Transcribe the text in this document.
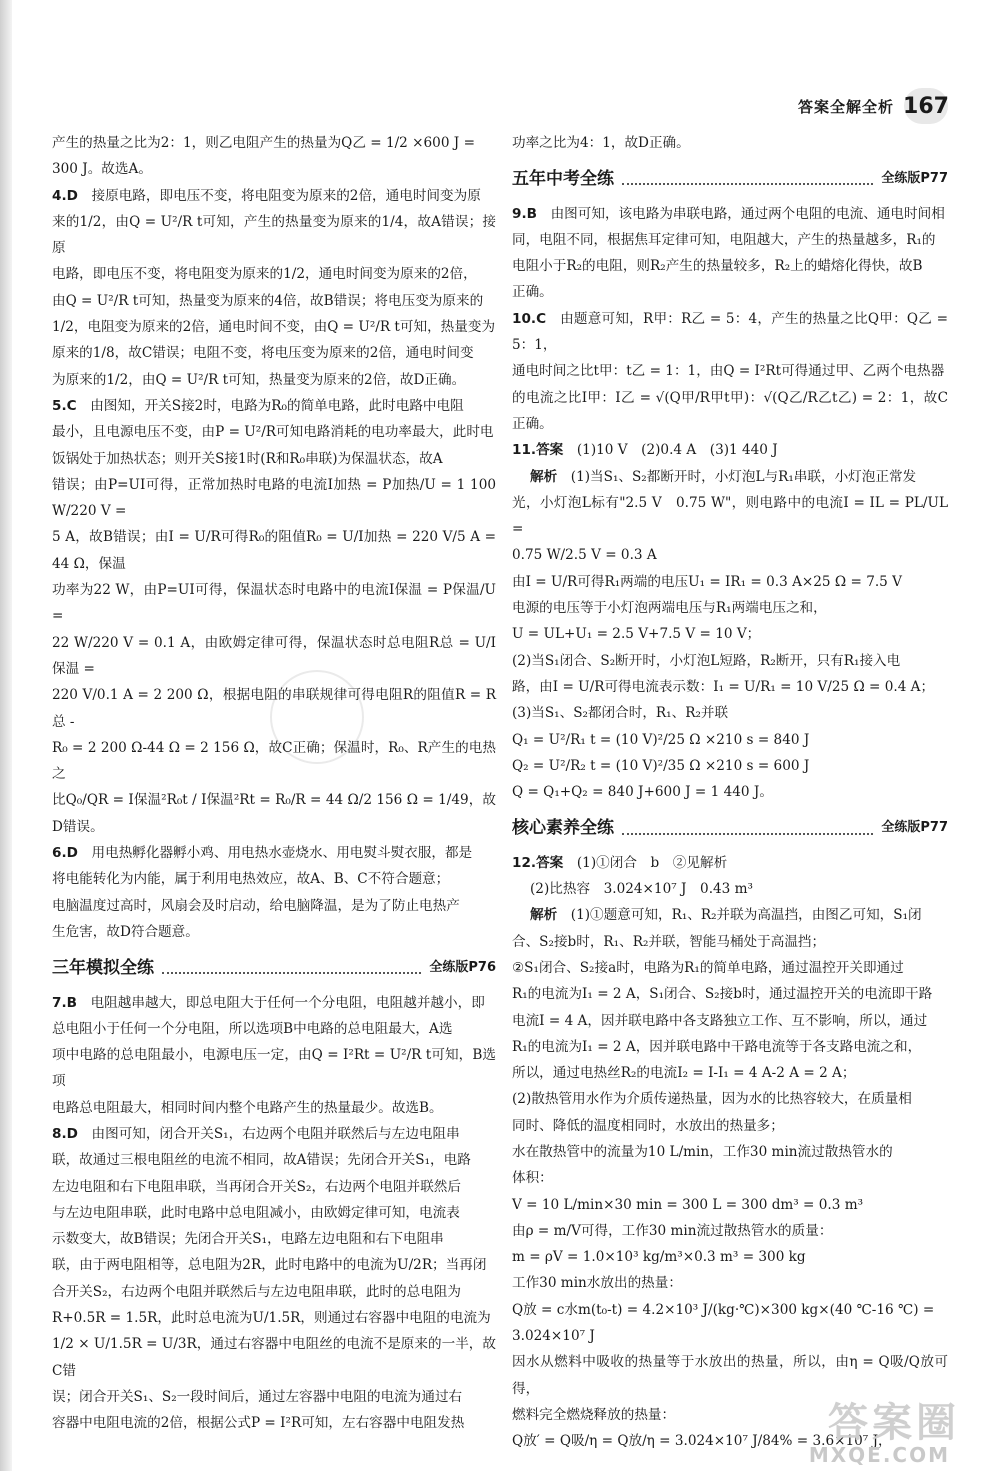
答案全解全析 167

产生的热量之比为2：1，则乙电阻产生的热量为Q乙 = 1/2 ×600 J =

300 J。故选A。

4.D　 接原电路，即电压不变，将电阻变为原来的2倍，通电时间变为原

来的1/2，由Q = U²/R t可知，产生的热量变为原来的1/4，故A错误；接原

电路，即电压不变，将电阻变为原来的1/2，通电时间变为原来的2倍，

由Q = U²/R t可知，热量变为原来的4倍，故B错误；将电压变为原来的

1/2，电阻变为原来的2倍，通电时间不变，由Q = U²/R t可知，热量变为

原来的1/8，故C错误；电阻不变，将电压变为原来的2倍，通电时间变

为原来的1/2，由Q = U²/R t可知，热量变为原来的2倍，故D正确。

5.C　 由图知，开关S接2时，电路为R₀的简单电路，此时电路中电阻

最小，且电源电压不变，由P = U²/R可知电路消耗的电功率最大，此时电

饭锅处于加热状态；则开关S接1时(R和R₀串联)为保温状态，故A

错误；由P=UI可得，正常加热时电路的电流I加热 = P加热/U = 1 100 W/220 V =

5 A，故B错误；由I = U/R可得R₀的阻值R₀ = U/I加热 = 220 V/5 A = 44 Ω，保温

功率为22 W，由P=UI可得，保温状态时电路中的电流I保温 = P保温/U =

22 W/220 V = 0.1 A，由欧姆定律可得，保温状态时总电阻R总 = U/I保温 =

220 V/0.1 A = 2 200 Ω，根据电阻的串联规律可得电阻R的阻值R = R总 -

R₀ = 2 200 Ω-44 Ω = 2 156 Ω，故C正确；保温时，R₀、R产生的电热之

比Q₀/QR = I保温²R₀t / I保温²Rt = R₀/R = 44 Ω/2 156 Ω = 1/49，故D错误。

6.D　 用电热孵化器孵小鸡、用电热水壶烧水、用电熨斗熨衣服，都是

将电能转化为内能，属于利用电热效应，故A、B、C不符合题意；

电脑温度过高时，风扇会及时启动，给电脑降温，是为了防止电热产

生危害，故D符合题意。

三年模拟全练	全练版P76

7.B　 电阻越串越大，即总电阻大于任何一个分电阻，电阻越并越小，即

总电阻小于任何一个分电阻，所以选项B中电路的总电阻最大，A选

项中电路的总电阻最小，电源电压一定，由Q = I²Rt = U²/R t可知，B选项

电路总电阻最大，相同时间内整个电路产生的热量最少。故选B。

8.D　 由图可知，闭合开关S₁，右边两个电阻并联然后与左边电阻串

联，故通过三根电阻丝的电流不相同，故A错误；先闭合开关S₁，电路

左边电阻和右下电阻串联，当再闭合开关S₂，右边两个电阻并联然后

与左边电阻串联，此时电路中总电阻减小，由欧姆定律可知，电流表

示数变大，故B错误；先闭合开关S₁，电路左边电阻和右下电阻串

联，由于两电阻相等，总电阻为2R，此时电路中的电流为U/2R；当再闭

合开关S₂，右边两个电阻并联然后与左边电阻串联，此时的总电阻为

R+0.5R = 1.5R，此时总电流为U/1.5R，则通过右容器中电阻的电流为

1/2 × U/1.5R = U/3R，通过右容器中电阻丝的电流不是原来的一半，故C错

误；闭合开关S₁、S₂一段时间后，通过左容器中电阻的电流为通过右

容器中电阻电流的2倍，根据公式P = I²R可知，左右容器中电阻发热

功率之比为4：1，故D正确。

五年中考全练	全练版P77

9.B　 由图可知，该电路为串联电路，通过两个电阻的电流、通电时间相

同，电阻不同，根据焦耳定律可知，电阻越大，产生的热量越多，R₁的

电阻小于R₂的电阻，则R₂产生的热量较多，R₂上的蜡熔化得快，故B

正确。

10.C　 由题意可知，R甲：R乙 = 5：4，产生的热量之比Q甲：Q乙 = 5：1，

通电时间之比t甲：t乙 = 1：1，由Q = I²Rt可得通过甲、乙两个电热器

的电流之比I甲：I乙 = √(Q甲/R甲t甲)：√(Q乙/R乙t乙) = 2：1，故C正确。

11.答案　 (1)10 V　(2)0.4 A　(3)1 440 J

解析　 (1)当S₁、S₂都断开时，小灯泡L与R₁串联，小灯泡正常发

光，小灯泡L标有"2.5 V　0.75 W"，则电路中的电流I = IL = PL/UL =

0.75 W/2.5 V = 0.3 A

由I = U/R可得R₁两端的电压U₁ = IR₁ = 0.3 A×25 Ω = 7.5 V

电源的电压等于小灯泡两端电压与R₁两端电压之和，

U = UL+U₁ = 2.5 V+7.5 V = 10 V；

(2)当S₁闭合、S₂断开时，小灯泡L短路，R₂断开，只有R₁接入电

路，由I = U/R可得电流表示数：I₁ = U/R₁ = 10 V/25 Ω = 0.4 A；

(3)当S₁、S₂都闭合时，R₁、R₂并联

Q₁ = U²/R₁ t = (10 V)²/25 Ω ×210 s = 840 J

Q₂ = U²/R₂ t = (10 V)²/35 Ω ×210 s = 600 J

Q = Q₁+Q₂ = 840 J+600 J = 1 440 J。

核心素养全练	全练版P77

12.答案　 (1)①闭合　b　②见解析

(2)比热容　3.024×10⁷ J　0.43 m³

解析　 (1)①题意可知，R₁、R₂并联为高温挡，由图乙可知，S₁闭

合、S₂接b时，R₁、R₂并联，智能马桶处于高温挡；

②S₁闭合、S₂接a时，电路为R₁的简单电路，通过温控开关即通过

R₁的电流为I₁ = 2 A，S₁闭合、S₂接b时，通过温控开关的电流即干路

电流I = 4 A，因并联电路中各支路独立工作、互不影响，所以，通过

R₁的电流为I₁ = 2 A，因并联电路中干路电流等于各支路电流之和，

所以，通过电热丝R₂的电流I₂ = I-I₁ = 4 A-2 A = 2 A；

(2)散热管用水作为介质传递热量，因为水的比热容较大，在质量相

同时、降低的温度相同时，水放出的热量多；

水在散热管中的流量为10 L/min，工作30 min流过散热管水的

体积：

V = 10 L/min×30 min = 300 L = 300 dm³ = 0.3 m³

由ρ = m/V可得，工作30 min流过散热管水的质量：

m = ρV = 1.0×10³ kg/m³×0.3 m³ = 300 kg

工作30 min水放出的热量：

Q放 = c水m(t₀-t) = 4.2×10³ J/(kg·℃)×300 kg×(40 ℃-16 ℃) =

3.024×10⁷ J

因水从燃料中吸收的热量等于水放出的热量，所以，由η = Q吸/Q放可得，

燃料完全燃烧释放的热量：

Q放′ = Q吸/η = Q放/η = 3.024×10⁷ J/84% = 3.6×10⁷ J，

答案圈
MXQE.COM
